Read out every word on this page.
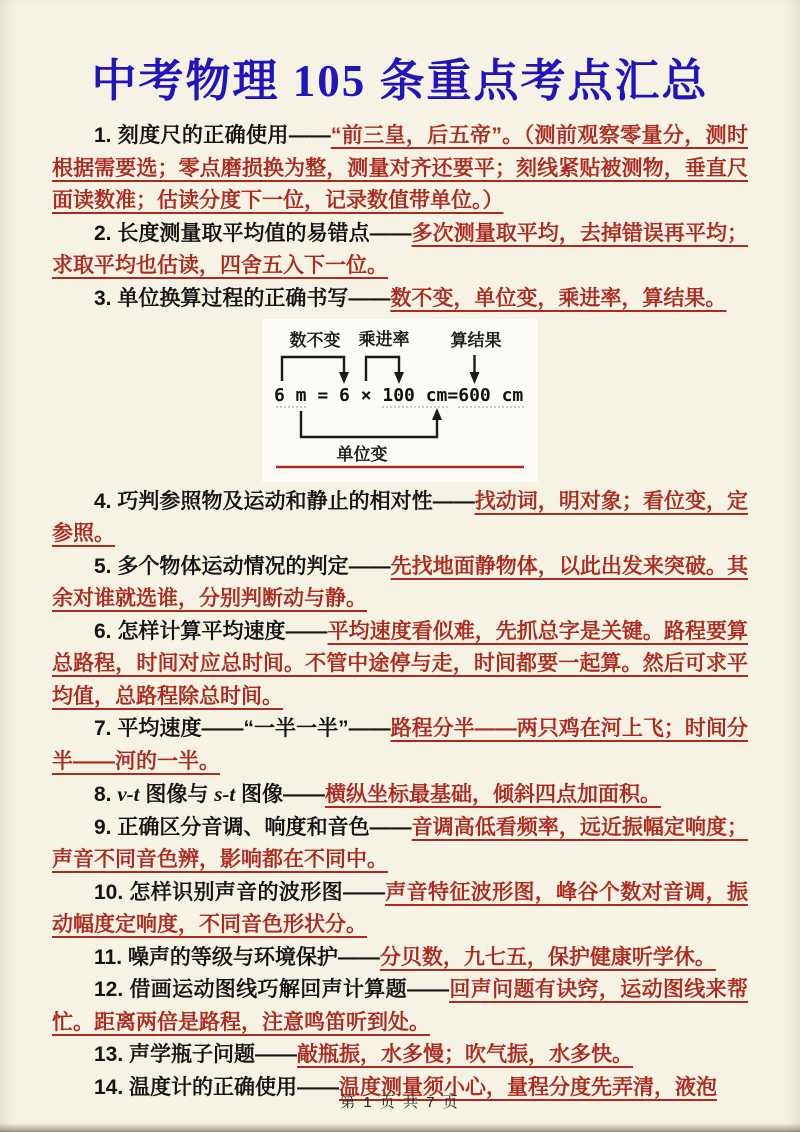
中考物理 105 条重点考点汇总

1. 刻度尺的正确使用——“前三皇，后五帝”。（测前观察零量分，测时根据需要选；零点磨损换为整，测量对齐还要平；刻线紧贴被测物，垂直尺面读数准；估读分度下一位，记录数值带单位。）

2. 长度测量取平均值的易错点——多次测量取平均，去掉错误再平均；求取平均也估读，四舍五入下一位。

3. 单位换算过程的正确书写——数不变，单位变，乘进率，算结果。

数不变 乘进率 算结果
6 m = 6 × 100 cm=600 cm
单位变

4. 巧判参照物及运动和静止的相对性——找动词，明对象；看位变，定参照。

5. 多个物体运动情况的判定——先找地面静物体，以此出发来突破。其余对谁就选谁，分别判断动与静。

6. 怎样计算平均速度——平均速度看似难，先抓总字是关键。路程要算总路程，时间对应总时间。不管中途停与走，时间都要一起算。然后可求平均值，总路程除总时间。

7. 平均速度——“一半一半”——路程分半——两只鸡在河上飞；时间分半——河的一半。

8. v-t 图像与 s-t 图像——横纵坐标最基础，倾斜四点加面积。

9. 正确区分音调、响度和音色——音调高低看频率，远近振幅定响度；声音不同音色辨，影响都在不同中。

10. 怎样识别声音的波形图——声音特征波形图，峰谷个数对音调，振动幅度定响度，不同音色形状分。

11. 噪声的等级与环境保护——分贝数，九七五，保护健康听学休。

12. 借画运动图线巧解回声计算题——回声问题有诀窍，运动图线来帮忙。距离两倍是路程，注意鸣笛听到处。

13. 声学瓶子问题——敲瓶振，水多慢；吹气振，水多快。

14. 温度计的正确使用——温度测量须小心，量程分度先弄清，液泡

第 1 页 共 7 页
